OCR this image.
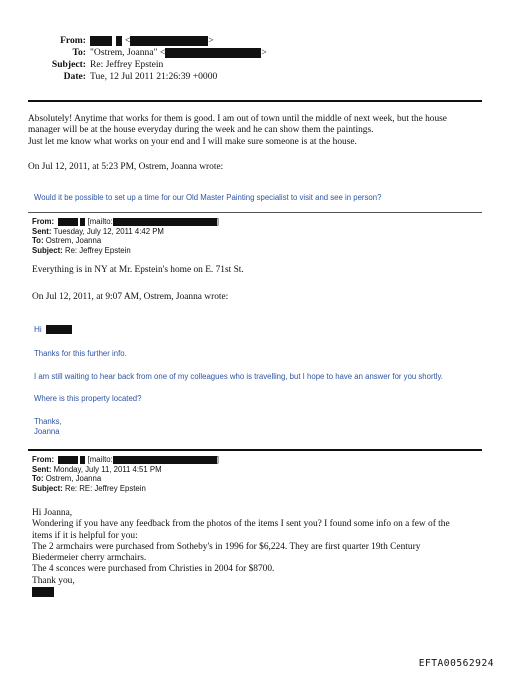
From:	<	>
To: "Ostrem, Joanna" <	>
Subject: Re: Jeffrey Epstein
Date: Tue, 12 Jul 2011 21:26:39 +0000
Absolutely! Anytime that works for them is good. I am out of town until the middle of next week, but the house
manager will be at the house everyday during the week and he can show them the paintings.
Just let me know what works on your end and I will make sure someone is at the house.
On Jul 12, 2011, at 5:23 PM, Ostrem, Joanna wrote:
Would it be possible to set up a time for our Old Master Painting specialist to visit and see in person?
From:	[mailto:	]
Sent: Tuesday, July 12, 2011 4:42 PM
To: Ostrem, Joanna
Subject: Re: Jeffrey Epstein
Everything is in NY at Mr. Epstein's home on E. 71st St.
On Jul 12, 2011, at 9:07 AM, Ostrem, Joanna wrote:
Hi
Thanks for this further info.
I am still waiting to hear back from one of my colleagues who is travelling, but I hope to have an answer for you shortly.
Where is this property located?
Thanks,
Joanna
From:	[mailto:	]
Sent: Monday, July 11, 2011 4:51 PM
To: Ostrem, Joanna
Subject: Re: RE: Jeffrey Epstein
Hi Joanna,
Wondering if you have any feedback from the photos of the items I sent you? I found some info on a few of the
items if it is helpful for you:
The 2 armchairs were purchased from Sotheby's in 1996 for $6,224. They are first quarter 19th Century
Biedermeier cherry armchairs.
The 4 sconces were purchased from Christies in 2004 for $8700.
Thank you,
EFTA00562924
